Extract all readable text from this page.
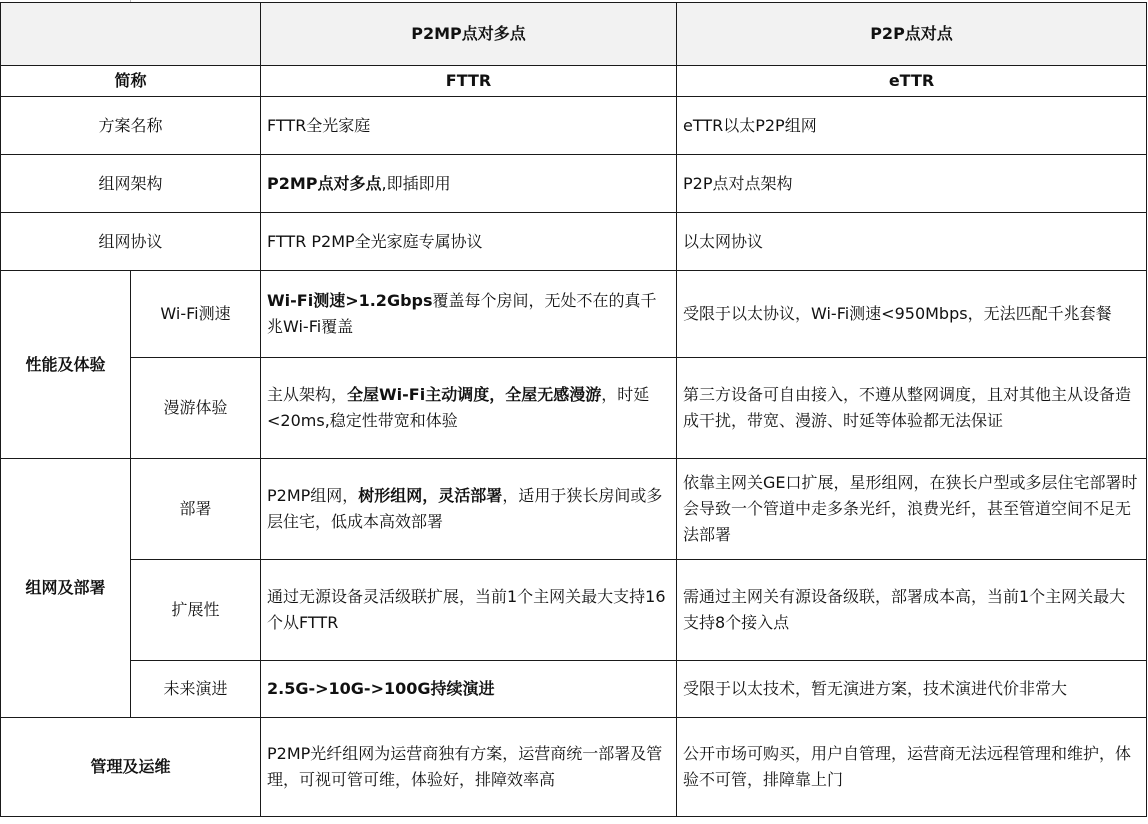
		P2MP点对多点	P2P点对点
简称		FTTR	eTTR
方案名称		FTTR全光家庭	eTTR以太P2P组网
组网架构		P2MP点对多点,即插即用	P2P点对点架构
组网协议		FTTR P2MP全光家庭专属协议	以太网协议
性能及体验	Wi-Fi测速	Wi-Fi测速>1.2Gbps覆盖每个房间，无处不在的真千兆Wi-Fi覆盖	受限于以太协议，Wi-Fi测速<950Mbps，无法匹配千兆套餐
	漫游体验	主从架构，全屋Wi-Fi主动调度，全屋无感漫游，时延<20ms,稳定性带宽和体验	第三方设备可自由接入，不遵从整网调度，且对其他主从设备造成干扰，带宽、漫游、时延等体验都无法保证
组网及部署	部署	P2MP组网，树形组网，灵活部署，适用于狭长房间或多层住宅，低成本高效部署	依靠主网关GE口扩展，星形组网，在狭长户型或多层住宅部署时会导致一个管道中走多条光纤，浪费光纤，甚至管道空间不足无法部署
	扩展性	通过无源设备灵活级联扩展，当前1个主网关最大支持16个从FTTR	需通过主网关有源设备级联，部署成本高，当前1个主网关最大支持8个接入点
	未来演进	2.5G->10G->100G持续演进	受限于以太技术，暂无演进方案，技术演进代价非常大
管理及运维		P2MP光纤组网为运营商独有方案，运营商统一部署及管理，可视可管可维，体验好，排障效率高	公开市场可购买，用户自管理，运营商无法远程管理和维护，体验不可管，排障靠上门
